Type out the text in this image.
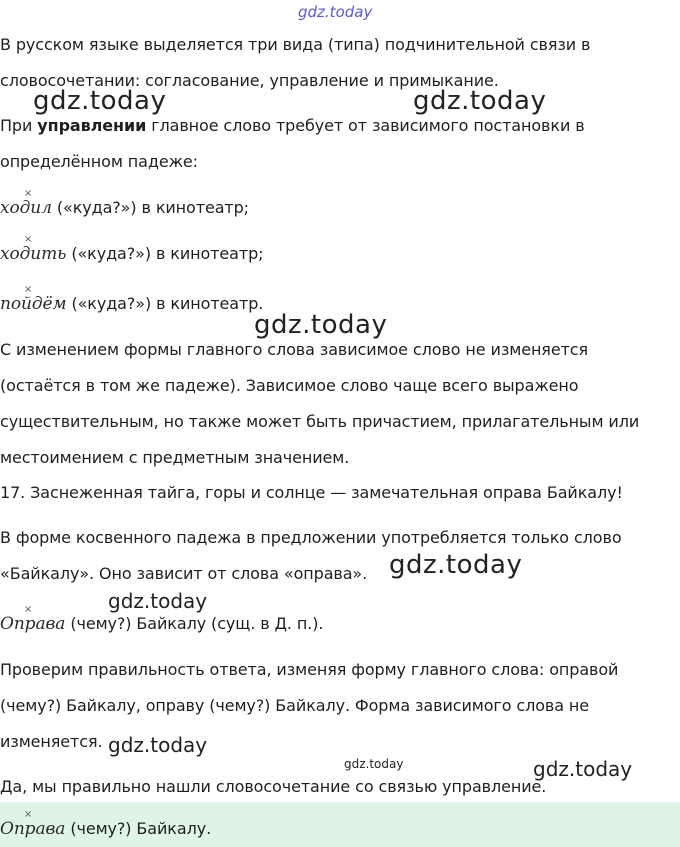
gdz.today
gdz.today	gdz.today
gdz.today
gdz.today
gdz.today
gdz.today
gdz.today	gdz.today

В русском языке выделяется три вида (типа) подчинительной связи в

словосочетании: согласование, управление и примыкание.

При управлении главное слово требует от зависимого постановки в

определённом падеже:

×
ходил («куда?») в кинотеатр;

×
ходить («куда?») в кинотеатр;

×
пойдём («куда?») в кинотеатр.

С изменением формы главного слова зависимое слово не изменяется

(остаётся в том же падеже). Зависимое слово чаще всего выражено

существительным, но также может быть причастием, прилагательным или

местоимением с предметным значением.

17. Заснеженная тайга, горы и солнце — замечательная оправа Байкалу!

В форме косвенного падежа в предложении употребляется только слово

«Байкалу». Оно зависит от слова «оправа».

×
Оправа (чему?) Байкалу (сущ. в Д. п.).

Проверим правильность ответа, изменяя форму главного слова: оправой

(чему?) Байкалу, оправу (чему?) Байкалу. Форма зависимого слова не

изменяется.

Да, мы правильно нашли словосочетание со связью управление.

×
Оправа (чему?) Байкалу.
